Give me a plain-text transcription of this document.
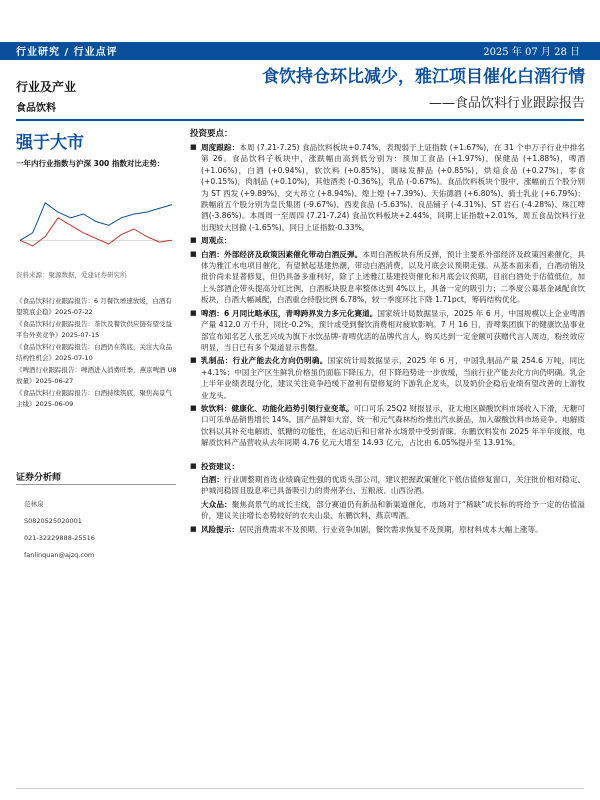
行业研究 / 行业点评	2025 年 07 月 28 日
行业及产业
食品饮料
食饮持仓环比减少，雅江项目催化白酒行情
——食品饮料行业跟踪报告
强于大市
一年内行业指数与沪深 300 指数对比走势：
资料来源：聚源数据，爱建证券研究所
《食品饮料行业跟踪报告：6 月餐饮增速放缓，白酒有望筑底企稳》2025-07-22
《食品饮料行业跟踪报告：茶饮及餐饮供应链有望受益平台外卖竞争》2025-07-15
《食品饮料行业跟踪报告：白酒仍在筑底，关注大众品结构性机会》2025-07-10
《啤酒行业跟踪报告：啤酒进入消费旺季，燕京啤酒 U8 放量》2025-06-27
《食品饮料行业跟踪报告：白酒持续筑底，聚焦高景气主线》2025-06-09
证券分析师
范林泉
S0820525020001
021-32229888-25516
fanlinquan@ajzq.com
投资要点：
■ 周度跟踪：本周 (7.21-7.25) 食品饮料板块+0.74%，表现弱于上证指数 (+1.67%)，在 31 个申万子行业中排名第 26。食品饮料子板块中，涨跌幅由高到低分别为：预加工食品 (+1.97%)，保健品 (+1.88%)，啤酒 (+1.06%)，白酒 (+0.94%)，软饮料 (+0.85%)，调味发酵品 (+0.85%)，烘焙食品 (+0.27%)，零食 (+0.15%)，肉制品 (+0.10%)，其他酒类 (-0.36%)，乳品 (-0.67%)。食品饮料板块个股中，涨幅前五个股分别为 ST 西发 (+9.89%)、交大昂立 (+8.94%)、煌上煌 (+7.39%)、天佑德酒 (+6.80%)、骑士乳业 (+6.79%)；跌幅前五个股分别为皇氏集团 (-9.67%)、西麦食品 (-5.63%)、良品铺子 (-4.31%)、ST 岩石 (-4.28%)、珠江啤酒(-3.86%)。本周周一至周四 (7.21-7.24) 食品饮料板块+2.44%，同期上证指数+2.01%，周五食品饮料行业出现较大回撤 (-1.65%)，同日上证指数-0.33%。
■ 周观点：
■ 白酒：外部经济及政策因素催化带动白酒反弹。本周白酒板块有所反弹，预计主要系外部经济及政策因素催化，具体为雅江水电项目催化，有望掀起基建热潮，带动白酒消费，以及月底会议预期走强。从基本面来看，白酒动销及批价尚未显著修复，但仍具备多重利好，除了上述雅江基建投资催化和月底会议预期，目前白酒处于估值低位，加上头部酒企带头提高分红比例，白酒板块股息率整体达到 4%以上，具备一定的吸引力；二季度公募基金减配食饮板块，白酒大幅减配，白酒重仓持股比例 6.78%，较一季度环比下降 1.71pct，筹码结构优化。
■ 啤酒：6 月同比略承压，青啤跨界发力多元化赛道。国家统计局数据显示，2025 年 6 月，中国规模以上企业啤酒产量 412.0 万千升，同比-0.2%，预计或受到餐饮消费相对疲软影响。7 月 16 日，青啤集团旗下的健康饮品事业部宣布知名艺人张艺兴成为旗下水饮品牌-青啤优活的品牌代言人，购买达到一定金额可获赠代言人周边，粉丝效应明显，当日已有多个渠道显示售罄。
■ 乳制品：行业产能去化方向仍明确。国家统计局数据显示，2025 年 6 月，中国乳制品产量 254.6 万吨，同比+4.1%；中国主产区生鲜乳价格虽仍面临下降压力，但下降趋势进一步放缓，当前行业产能去化方向仍明确。乳企上半年业绩表现分化，建议关注竞争趋缓下盈利有望修复的下游乳企龙头，以及奶价企稳后业绩有望改善的上游牧业龙头。
■ 软饮料：健康化、功能化趋势引领行业变革。可口可乐 25Q2 财报显示，亚太地区碳酸饮料市场收入下滑，无糖可口可乐单品销售增长 14%。国产品牌如大窑、统一和元气森林纷纷推出汽水新品，加入碳酸饮料市场竞争。电解质饮料以其补充电解质、低糖的功能性，在运动后和日常补水场景中受到青睐。东鹏饮料发布 2025 年半年度报，电解质饮料产品营收从去年同期 4.76 亿元大增至 14.93 亿元，占比由 6.05%提升至 13.91%。
■ 投资建议：
白酒：行业调整期首选业绩确定性强的优质头部公司，建议把握政策催化下低估值修复窗口，关注批价相对稳定、护城河稳固且股息率已具备吸引力的贵州茅台、五粮液、山西汾酒。
大众品：聚焦高景气的成长主线，部分赛道仍有新品和新渠道催化，市场对于“稀缺”成长标的将给予一定的估值溢价，建议关注增长态势较好的农夫山泉、东鹏饮料、燕京啤酒。
■ 风险提示：居民消费需求不及预期，行业竞争加剧，餐饮需求恢复不及预期，原材料成本大幅上涨等。
